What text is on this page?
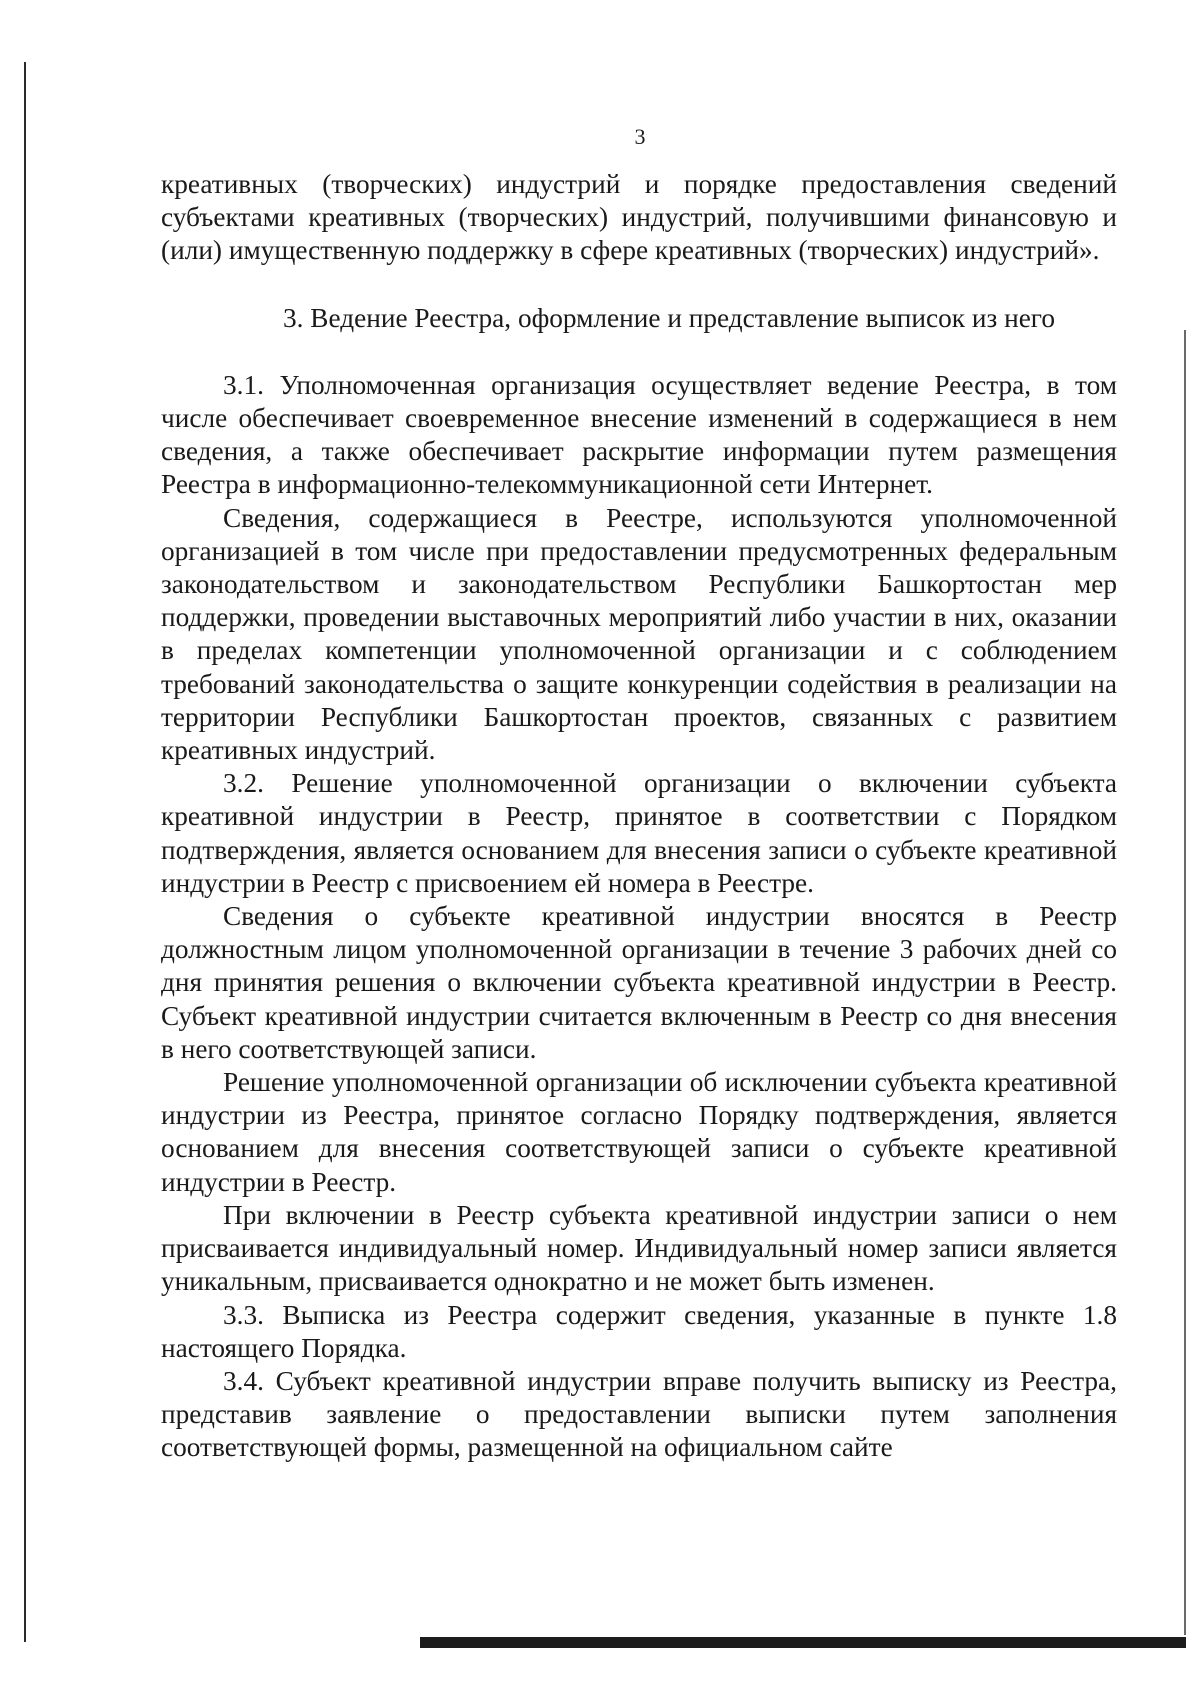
3

креативных (творческих) индустрий и порядке предоставления сведений субъектами креативных (творческих) индустрий, получившими финансовую и (или) имущественную поддержку в сфере креативных (творческих) индустрий».

3. Ведение Реестра, оформление и представление выписок из него

3.1. Уполномоченная организация осуществляет ведение Реестра, в том числе обеспечивает своевременное внесение изменений в содержащиеся в нем сведения, а также обеспечивает раскрытие информации путем размещения Реестра в информационно-телекоммуникационной сети Интернет.

Сведения, содержащиеся в Реестре, используются уполномоченной организацией в том числе при предоставлении предусмотренных федеральным законодательством и законодательством Республики Башкортостан мер поддержки, проведении выставочных мероприятий либо участии в них, оказании в пределах компетенции уполномоченной организации и с соблюдением требований законодательства о защите конкуренции содействия в реализации на территории Республики Башкортостан проектов, связанных с развитием креативных индустрий.

3.2. Решение уполномоченной организации о включении субъекта креативной индустрии в Реестр, принятое в соответствии с Порядком подтверждения, является основанием для внесения записи о субъекте креативной индустрии в Реестр с присвоением ей номера в Реестре.

Сведения о субъекте креативной индустрии вносятся в Реестр должностным лицом уполномоченной организации в течение 3 рабочих дней со дня принятия решения о включении субъекта креативной индустрии в Реестр. Субъект креативной индустрии считается включенным в Реестр со дня внесения в него соответствующей записи.

Решение уполномоченной организации об исключении субъекта креативной индустрии из Реестра, принятое согласно Порядку подтверждения, является основанием для внесения соответствующей записи о субъекте креативной индустрии в Реестр.

При включении в Реестр субъекта креативной индустрии записи о нем присваивается индивидуальный номер. Индивидуальный номер записи является уникальным, присваивается однократно и не может быть изменен.

3.3. Выписка из Реестра содержит сведения, указанные в пункте 1.8 настоящего Порядка.

3.4. Субъект креативной индустрии вправе получить выписку из Реестра, представив заявление о предоставлении выписки путем заполнения соответствующей формы, размещенной на официальном сайте
